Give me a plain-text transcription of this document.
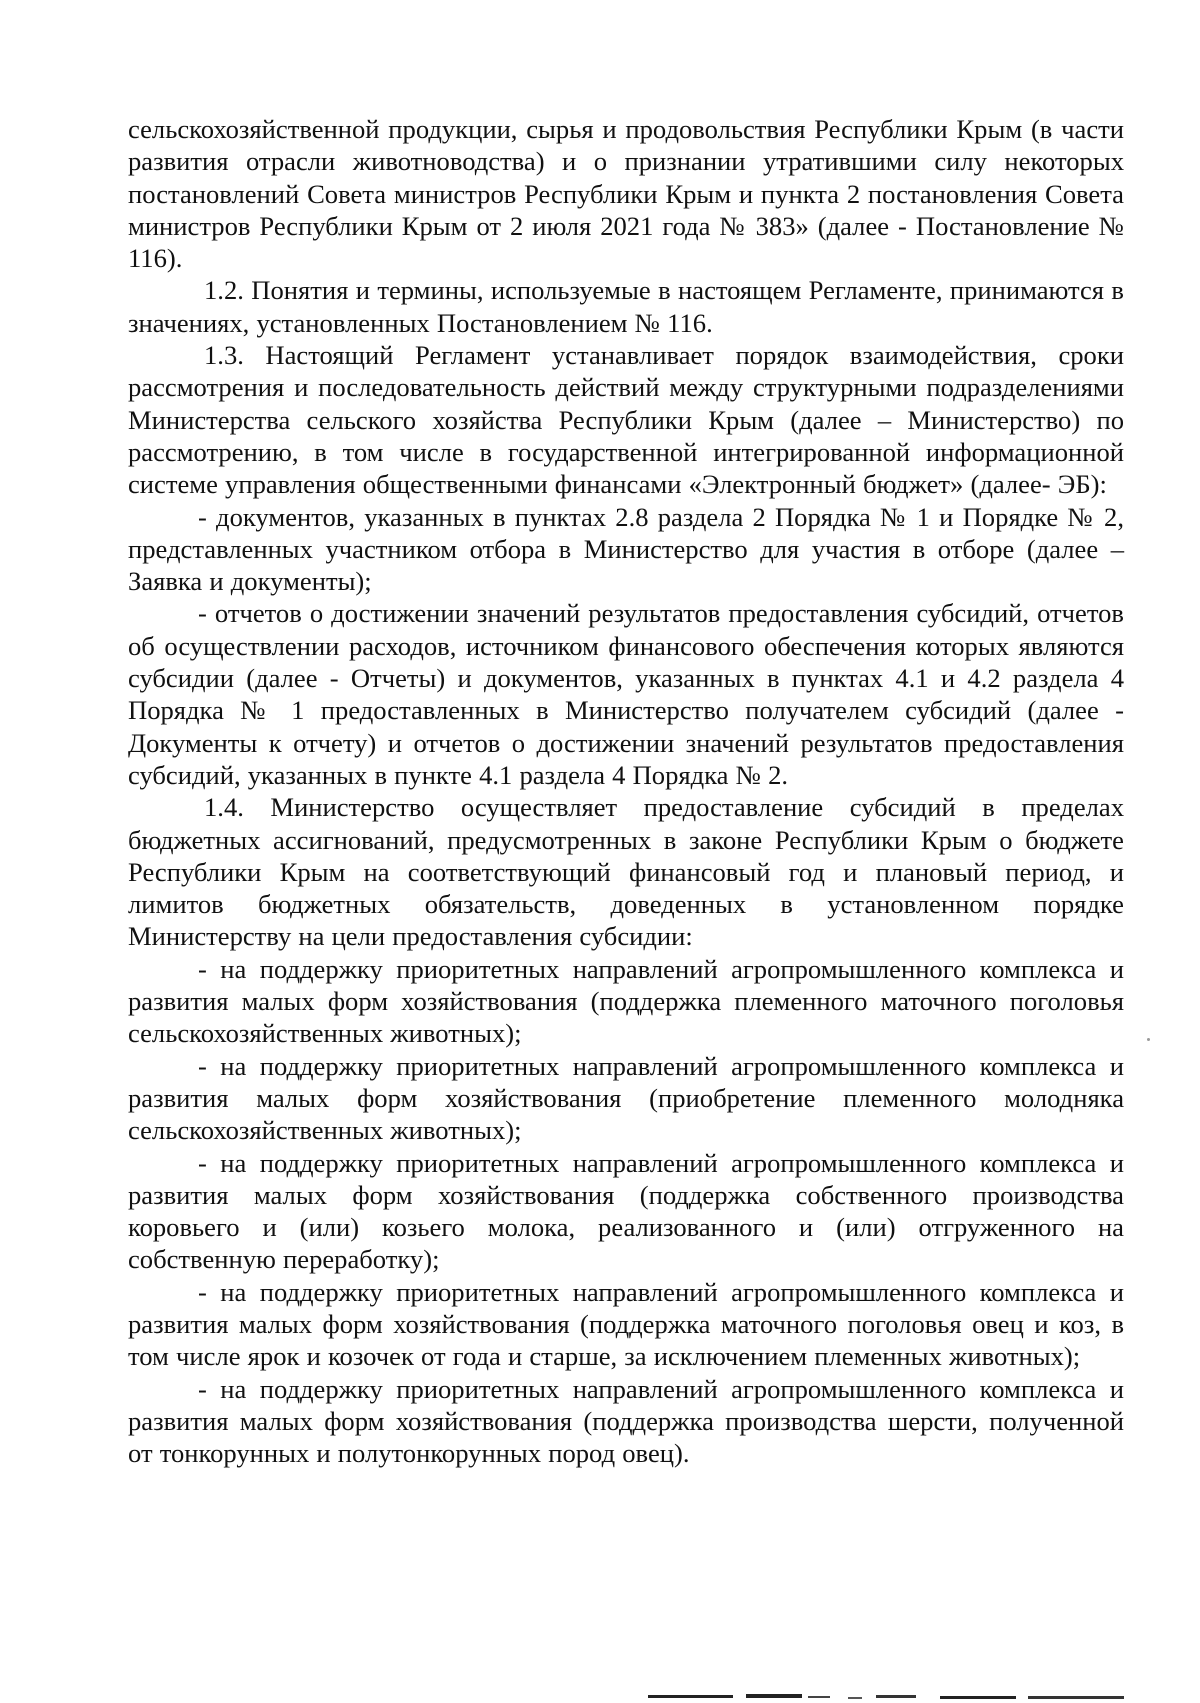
сельскохозяйственной продукции, сырья и продовольствия Республики Крым (в части развития отрасли животноводства) и о признании утратившими силу некоторых постановлений Совета министров Республики Крым и пункта 2 постановления Совета министров Республики Крым от 2 июля 2021 года № 383» (далее - Постановление № 116).

1.2. Понятия и термины, используемые в настоящем Регламенте, принимаются в значениях, установленных Постановлением № 116.

1.3. Настоящий Регламент устанавливает порядок взаимодействия, сроки рассмотрения и последовательность действий между структурными подразделениями Министерства сельского хозяйства Республики Крым (далее – Министерство) по рассмотрению, в том числе в государственной интегрированной информационной системе управления общественными финансами «Электронный бюджет» (далее- ЭБ):

- документов, указанных в пунктах 2.8 раздела 2 Порядка № 1 и Порядке № 2, представленных участником отбора в Министерство для участия в отборе (далее – Заявка и документы);

- отчетов о достижении значений результатов предоставления субсидий, отчетов об осуществлении расходов, источником финансового обеспечения которых являются субсидии (далее - Отчеты) и документов, указанных в пунктах 4.1 и 4.2 раздела 4 Порядка № 1 предоставленных в Министерство получателем субсидий (далее - Документы к отчету) и отчетов о достижении значений результатов предоставления субсидий, указанных в пункте 4.1 раздела 4 Порядка № 2.

1.4. Министерство осуществляет предоставление субсидий в пределах бюджетных ассигнований, предусмотренных в законе Республики Крым о бюджете Республики Крым на соответствующий финансовый год и плановый период, и лимитов бюджетных обязательств, доведенных в установленном порядке Министерству на цели предоставления субсидии:

- на поддержку приоритетных направлений агропромышленного комплекса и развития малых форм хозяйствования (поддержка племенного маточного поголовья сельскохозяйственных животных);

- на поддержку приоритетных направлений агропромышленного комплекса и развития малых форм хозяйствования (приобретение племенного молодняка сельскохозяйственных животных);

- на поддержку приоритетных направлений агропромышленного комплекса и развития малых форм хозяйствования (поддержка собственного производства коровьего и (или) козьего молока, реализованного и (или) отгруженного на собственную переработку);

- на поддержку приоритетных направлений агропромышленного комплекса и развития малых форм хозяйствования (поддержка маточного поголовья овец и коз, в том числе ярок и козочек от года и старше, за исключением племенных животных);

- на поддержку приоритетных направлений агропромышленного комплекса и развития малых форм хозяйствования (поддержка производства шерсти, полученной от тонкорунных и полутонкорунных пород овец).
